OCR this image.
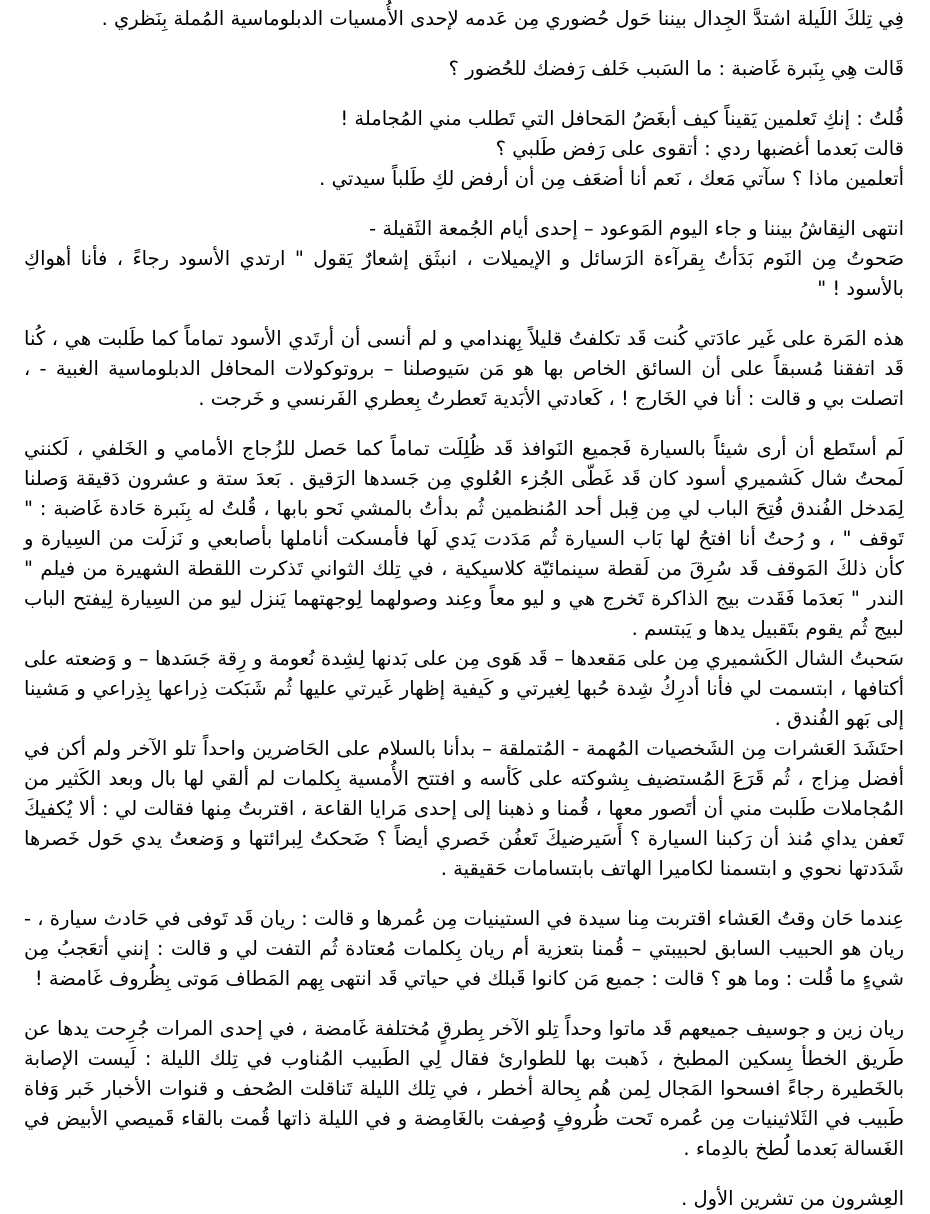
فِي تِلكَ اللَيلة اشتدَّ الجِدال بيننا حَول حُضوري مِن عَدمه لإحدى الأُمسيات الدبلوماسية المُملة بِنَظري .

قَالت هِي بِنَبرة غَاضبة : ما السَبب خَلف رَفضك للحُضور ؟

قُلتُ : إنكِ تَعلمين يَقيناً كيف أبغَضُ المَحافل التي تَطلب مني المُجاملة !

قالت بَعدما أغضبها ردي : أتقوى على رَفض طَلبي ؟

أتعلمين ماذا ؟ سآتي مَعك ، نَعم أنا أضعَف مِن أن أرفض لكِ طَلباً سيدتي .

انتهى النِقاشُ بيننا و جاء اليوم المَوعود – إحدى أيام الجُمعة الثَقيلة -

صَحوتُ مِن النَوم بَدَأتُ بِقرآءة الرَسائل و الإيميلات ، انبثَق إشعارٌ يَقول " ارتدي الأسود رجاءً ، فأنا أهواكِ بالأسود ! "

هذه المَرة على غَير عادَتي كُنت قَد تكلفتُ قليلاً بِهندامي و لم أنسى أن أرتَدي الأسود تماماً كما طَلبت هي ، كُنا قَد اتفقنا مُسبقاً على أن السائق الخاص بها هو مَن سَيوصلنا – بروتوكولات المحافل الدبلوماسية الغبية - ، اتصلت بي و قالت : أنا في الخَارج ! ، كَعادتي الأبَدية تَعطرتُ بِعطري الفَرنسي و خَرجت .

لَم أستَطع أن أرى شيئاً بالسيارة فَجميع النَوافذ قَد ظُلِلَت تماماً كما حَصل للزُجاج الأمامي و الخَلفي ، لَكنني لَمحتُ شال كَشميري أسود كان قَد غَطّى الجُزء العُلوي مِن جَسدها الرَقيق . بَعدَ ستة و عشرون دَقيقة وَصلنا لِمَدخل الفُندق فُتِحَ الباب لي مِن قِبل أحد المُنظمين ثُم بدأتُ بالمشي نَحو بابها ، قُلتُ له بِنَبرة حَادة غَاضبة : " تَوقف " ، و رُحتُ أنا افتحُ لها بَاب السيارة ثُم مَدَدت يَدي لَها فأمسكت أناملها بأصابعي و نَزلَت من السِيارة و كأن ذلكَ المَوقف قَد سُرِقَ من لَقطة سينمائيّة كلاسيكية ، في تِلك الثواني تَذكرت اللقطة الشهيرة من فيلم " الندر " بَعدَما فَقَدت بيج الذاكرة تَخرج هي و ليو معاً وعِند وصولهما لِوجهتهما يَنزل ليو من السِيارة لِيفتح الباب لبيج ثُم يقوم بتَقبيل يدها و يَبتسم .

سَحبتُ الشال الكَشميري مِن على مَقعدها – قَد هَوى مِن على بَدنها لِشِدة نُعومة و رِقة جَسَدها – و وَضعته على أكتافها ، ابتسمت لي فأنا أدرِكُ شِدة حُبها لِغيرتي و كَيفية إظهار غَيرتي عليها ثُم شَبَكت ذِراعها بِذِراعي و مَشينا إلى بَهو الفُندق .

احتَشَدَ العَشرات مِن الشَخصيات المُهمة - المُتملقة – بدأنا بالسلام على الحَاضرين واحداً تلو الآخر ولم أكن في أفضل مِزاج ، ثُم قَرَعَ المُستضيف بِشوكته على كَأسه و افتتح الأُمسية بِكلمات لم ألقي لها بال وبعد الكَثير من المُجاملات طَلبت مني أن أتَصور معها ، قُمنا و ذهبنا إلى إحدى مَرايا القاعة ، اقتربتُ مِنها فقالت لي : ألا يُكفيكَ تَعفن يداي مُنذ أن رَكبنا السيارة ؟ أَسَيرضيكَ تَعفُن خَصري أيضاً ؟ ضَحكتُ لِبرائتها و وَضعتُ يدي حَول خَصرها شَدَدتها نحوي و ابتسمنا لكاميرا الهاتف بابتسامات حَقيقية .

عِندما حَان وقتُ العَشاء اقتربت مِنا سيدة في الستينيات مِن عُمرها و قالت : ريان قَد تَوفى في حَادث سيارة ، - ريان هو الحبيب السابق لحبيبتي – قُمنا بتعزية أم ريان بِكلمات مُعتادة ثُم التفت لي و قالت : إنني أتعَجبُ مِن شيءٍ ما قُلت : وما هو ؟ قالت : جميع مَن كانوا قَبلك في حياتي قَد انتهى بِهم المَطاف مَوتى بِظُروف غَامضة !

ريان زين و جوسيف جميعهم قَد ماتوا وحداً تِلو الآخر بِطرقٍ مُختلفة غَامضة ، في إحدى المرات جُرِحت يدها عن طَريق الخطأ بِسكين المطبخ ، ذَهبت بها للطوارئ فقال لِي الطَبيب المُناوب في تِلك الليلة : لَيست الإصابة بالخَطيرة رجاءً افسحوا المَجال لِمن هُم بِحالة أخطر ، في تِلك الليلة تَناقلت الصُحف و قنوات الأخبار خَبر وَفاة طَبيب في الثَلاثينيات مِن عُمره تَحت ظُروفٍ وُصِفت بالغَامِضة و في الليلة ذاتها قُمت بالقاء قَميصي الأبيض في الغَسالة بَعدما لُطخ بالدِماء .

العِشرون من تشرين الأول .
